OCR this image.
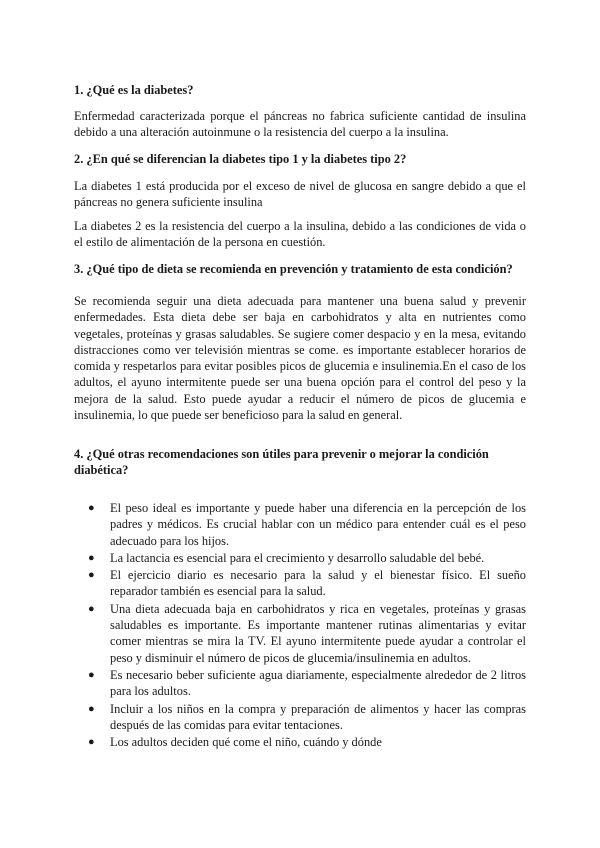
1. ¿Qué es la diabetes?

Enfermedad caracterizada porque el páncreas no fabrica suficiente cantidad de insulina debido a una alteración autoinmune o la resistencia del cuerpo a la insulina.

2. ¿En qué se diferencian la diabetes tipo 1 y la diabetes tipo 2?

La diabetes 1 está producida por el exceso de nivel de glucosa en sangre debido a que el páncreas no genera suficiente insulina

La diabetes 2 es la resistencia del cuerpo a la insulina, debido a las condiciones de vida o el estilo de alimentación de la persona en cuestión.

3. ¿Qué tipo de dieta se recomienda en prevención y tratamiento de esta condición?

Se recomienda seguir una dieta adecuada para mantener una buena salud y prevenir enfermedades. Esta dieta debe ser baja en carbohidratos y alta en nutrientes como vegetales, proteínas y grasas saludables. Se sugiere comer despacio y en la mesa, evitando distracciones como ver televisión mientras se come. es importante establecer horarios de comida y respetarlos para evitar posibles picos de glucemia e insulinemia.En el caso de los adultos, el ayuno intermitente puede ser una buena opción para el control del peso y la mejora de la salud. Esto puede ayudar a reducir el número de picos de glucemia e insulinemia, lo que puede ser beneficioso para la salud en general.

4. ¿Qué otras recomendaciones son útiles para prevenir o mejorar la condición diabética?

● El peso ideal es importante y puede haber una diferencia en la percepción de los padres y médicos. Es crucial hablar con un médico para entender cuál es el peso adecuado para los hijos.
● La lactancia es esencial para el crecimiento y desarrollo saludable del bebé.
● El ejercicio diario es necesario para la salud y el bienestar físico. El sueño reparador también es esencial para la salud.
● Una dieta adecuada baja en carbohidratos y rica en vegetales, proteínas y grasas saludables es importante. Es importante mantener rutinas alimentarias y evitar comer mientras se mira la TV. El ayuno intermitente puede ayudar a controlar el peso y disminuir el número de picos de glucemia/insulinemia en adultos.
● Es necesario beber suficiente agua diariamente, especialmente alrededor de 2 litros para los adultos.
● Incluir a los niños en la compra y preparación de alimentos y hacer las compras después de las comidas para evitar tentaciones.
● Los adultos deciden qué come el niño, cuándo y dónde
